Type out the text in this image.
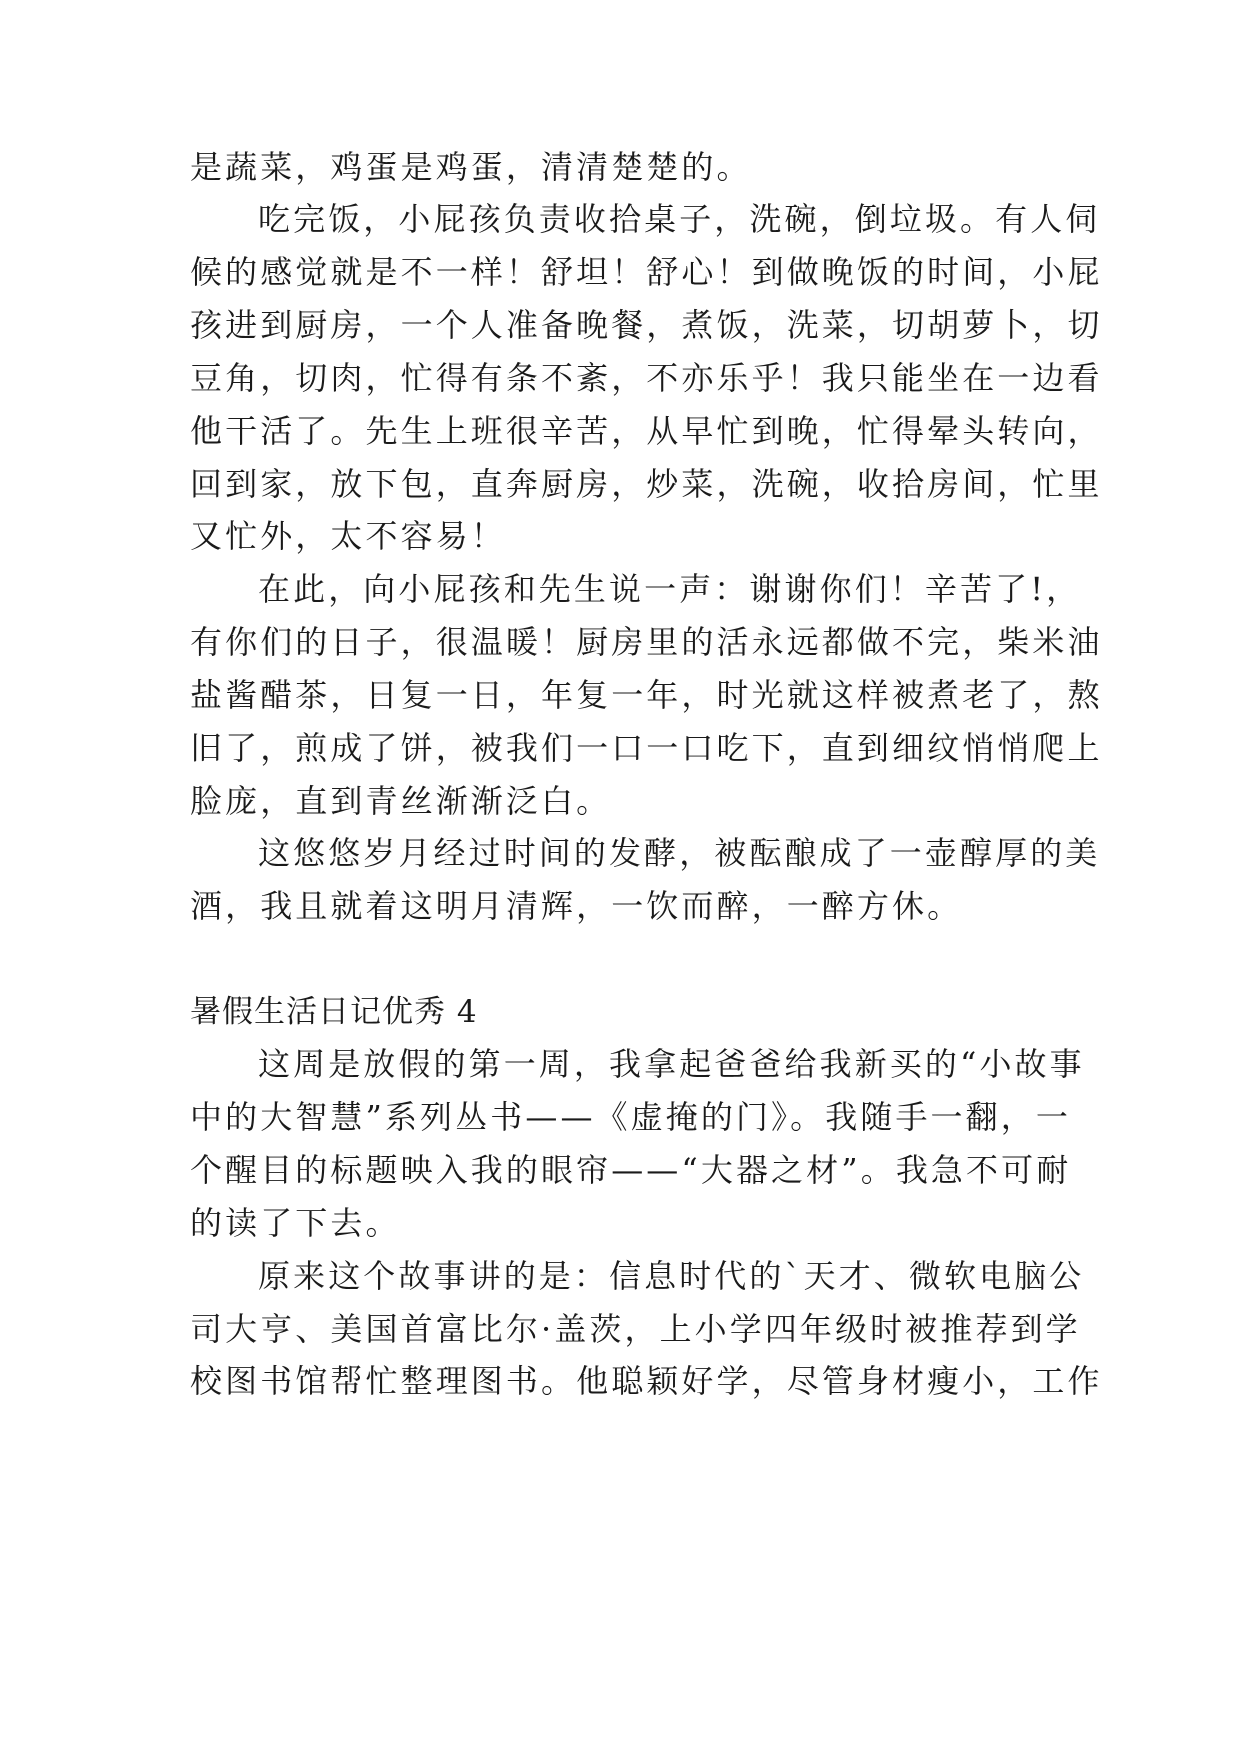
是蔬菜，鸡蛋是鸡蛋，清清楚楚的。
吃完饭，小屁孩负责收拾桌子，洗碗，倒垃圾。有人伺
候的感觉就是不一样！舒坦！舒心！到做晚饭的时间，小屁
孩进到厨房，一个人准备晚餐，煮饭，洗菜，切胡萝卜，切
豆角，切肉，忙得有条不紊，不亦乐乎！我只能坐在一边看
他干活了。先生上班很辛苦，从早忙到晚，忙得晕头转向，
回到家，放下包，直奔厨房，炒菜，洗碗，收拾房间，忙里
又忙外，太不容易！
在此，向小屁孩和先生说一声：谢谢你们！辛苦了!，
有你们的日子，很温暖！厨房里的活永远都做不完，柴米油
盐酱醋茶，日复一日，年复一年，时光就这样被煮老了，熬
旧了，煎成了饼，被我们一口一口吃下，直到细纹悄悄爬上
脸庞，直到青丝渐渐泛白。
这悠悠岁月经过时间的发酵，被酝酿成了一壶醇厚的美
酒，我且就着这明月清辉，一饮而醉，一醉方休。
暑假生活日记优秀 4
这周是放假的第一周，我拿起爸爸给我新买的“小故事
中的大智慧”系列丛书——《虚掩的门》。我随手一翻，一
个醒目的标题映入我的眼帘——“大器之材”。我急不可耐
的读了下去。
原来这个故事讲的是：信息时代的`天才、微软电脑公
司大亨、美国首富比尔·盖茨，上小学四年级时被推荐到学
校图书馆帮忙整理图书。他聪颖好学，尽管身材瘦小，工作
